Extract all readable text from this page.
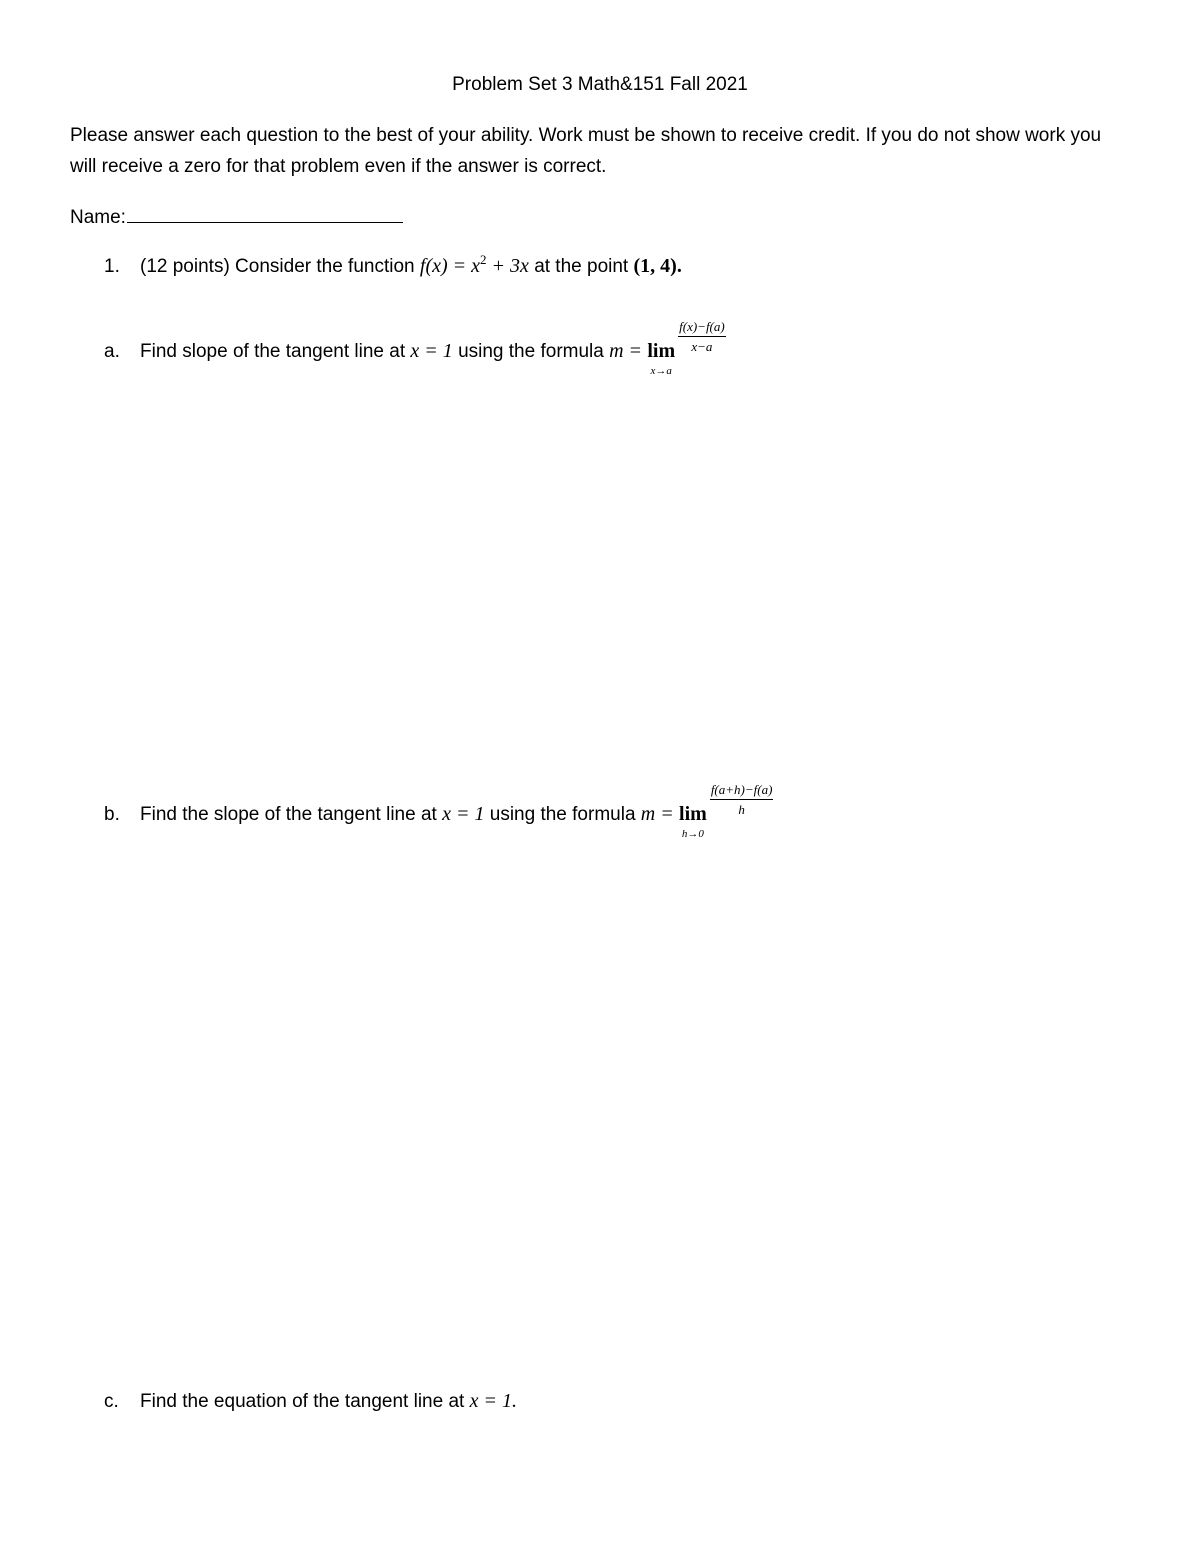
Problem Set 3 Math&151 Fall 2021
Please answer each question to the best of your ability. Work must be shown to receive credit. If you do not show work you will receive a zero for that problem even if the answer is correct.
Name:
1. (12 points) Consider the function $f(x) = x^2 + 3x$ at the point (1, 4).
a. Find slope of the tangent line at x = 1 using the formula m = lim
x→a
$\frac{f(x)-f(a)}{x-a}$
b. Find the slope of the tangent line at x = 1 using the formula m = lim
h→0
$\frac{f(a+h)-f(a)}{h}$
c. Find the equation of the tangent line at x = 1.
